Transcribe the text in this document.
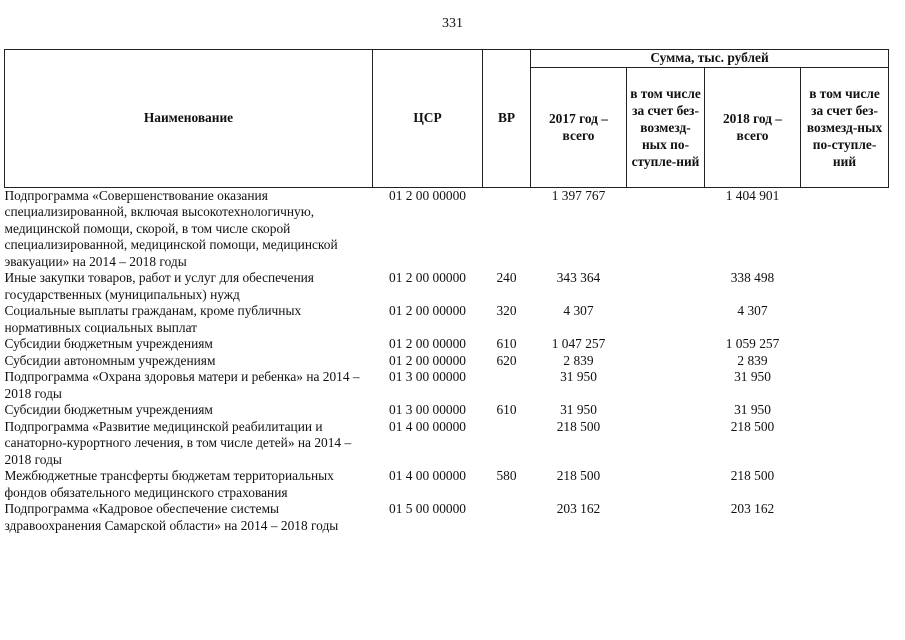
331
Наименование	ЦСР	ВР	Сумма, тыс. рублей			
			2017 год – всего	в том числе за счет без-возмезд-ных по-ступле-ний	2018 год – всего	в том числе за счет без-возмезд-ных по-ступле-ний
Подпрограмма «Совершенствование оказания специализированной, включая высокотехнологичную, медицинской помощи, скорой, в том числе скорой специализированной, медицинской помощи, медицинской эвакуации» на 2014 – 2018 годы	01 2 00 00000		1 397 767		1 404 901	
Иные закупки товаров, работ и услуг для обеспечения государственных (муниципальных) нужд	01 2 00 00000	240	343 364		338 498	
Социальные выплаты гражданам, кроме публичных нормативных социальных выплат	01 2 00 00000	320	4 307		4 307	
Субсидии бюджетным учреждениям	01 2 00 00000	610	1 047 257		1 059 257	
Субсидии автономным учреждениям	01 2 00 00000	620	2 839		2 839	
Подпрограмма «Охрана здоровья матери и ребенка» на 2014 – 2018 годы	01 3 00 00000		31 950		31 950	
Субсидии бюджетным учреждениям	01 3 00 00000	610	31 950		31 950	
Подпрограмма «Развитие медицинской реабилитации и санаторно-курортного лечения, в том числе детей» на 2014 – 2018 годы	01 4 00 00000		218 500		218 500	
Межбюджетные трансферты бюджетам территориальных фондов обязательного медицинского страхования	01 4 00 00000	580	218 500		218 500	
Подпрограмма «Кадровое обеспечение системы здравоохранения Самарской области» на 2014 – 2018 годы	01 5 00 00000		203 162		203 162	
